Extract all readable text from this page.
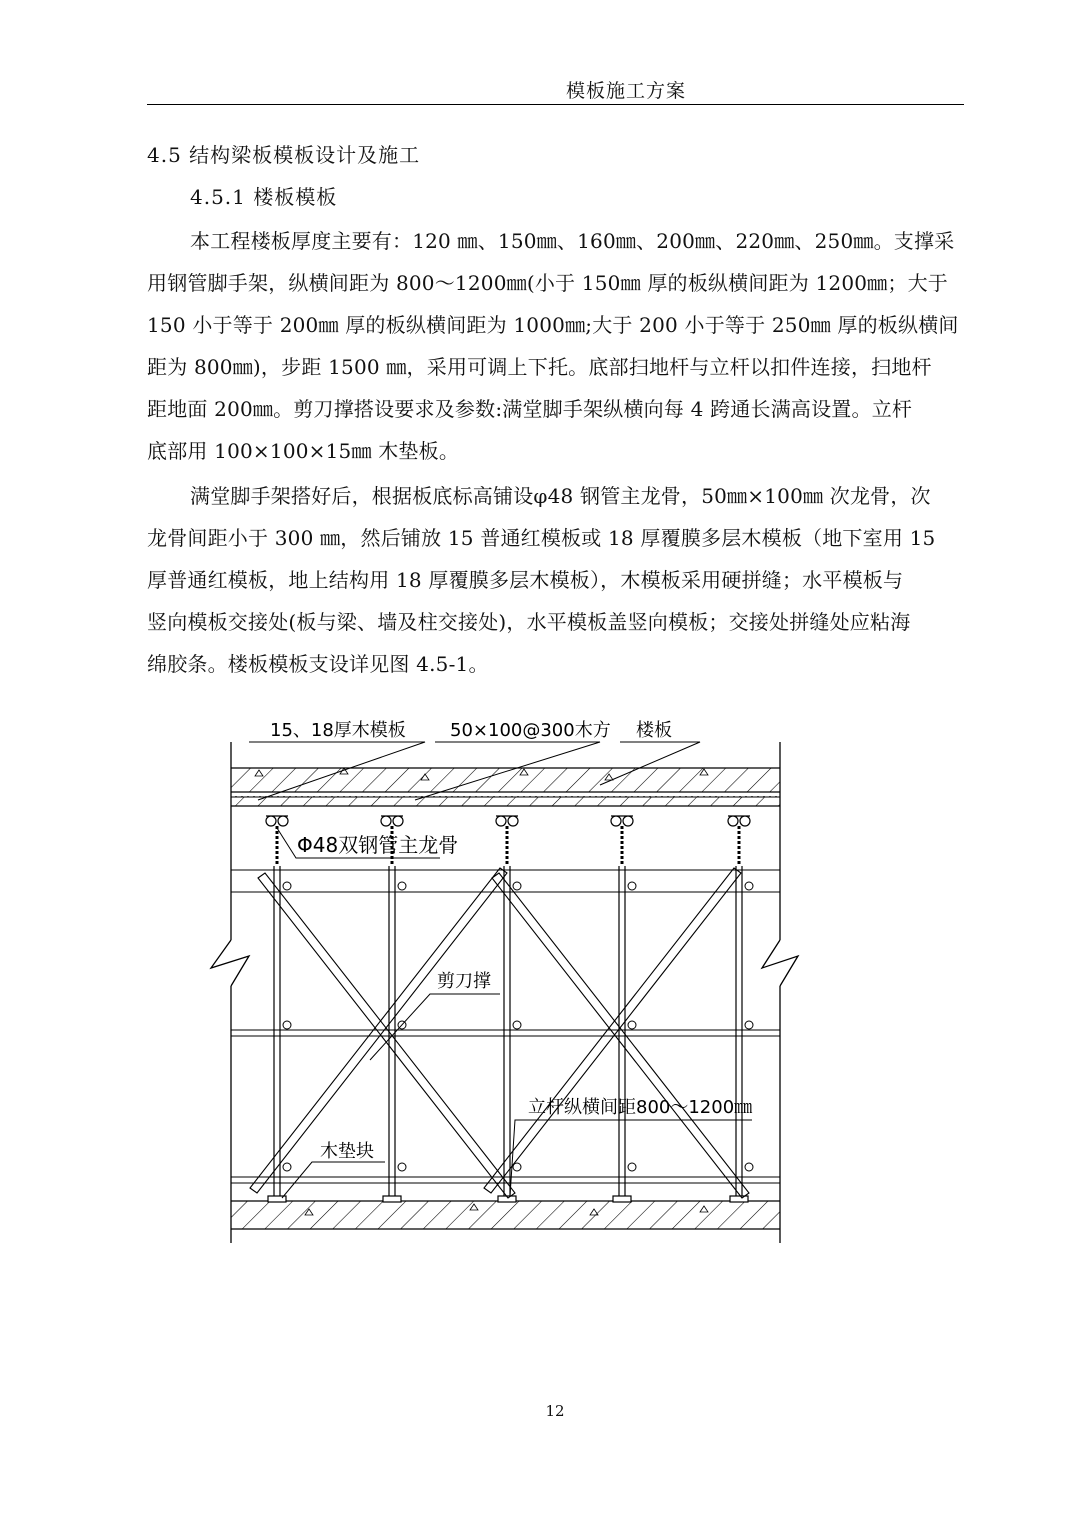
模板施工方案
4.5 结构梁板模板设计及施工
4.5.1 楼板模板
本工程楼板厚度主要有：120 ㎜、150㎜、160㎜、200㎜、220㎜、250㎜。支撑采
用钢管脚手架，纵横间距为 800～1200㎜(小于 150㎜ 厚的板纵横间距为 1200㎜；大于
150 小于等于 200㎜ 厚的板纵横间距为 1000㎜;大于 200 小于等于 250㎜ 厚的板纵横间
距为 800㎜)，步距 1500 ㎜，采用可调上下托。底部扫地杆与立杆以扣件连接，扫地杆
距地面 200㎜。剪刀撑搭设要求及参数:满堂脚手架纵横向每 4 跨通长满高设置。立杆
底部用 100×100×15㎜ 木垫板。
满堂脚手架搭好后，根据板底标高铺设φ48 钢管主龙骨，50㎜×100㎜ 次龙骨，次
龙骨间距小于 300 ㎜，然后铺放 15 普通红模板或 18 厚覆膜多层木模板（地下室用 15
厚普通红模板，地上结构用 18 厚覆膜多层木模板），木模板采用硬拼缝；水平模板与
竖向模板交接处(板与梁、墙及柱交接处)，水平模板盖竖向模板；交接处拼缝处应粘海
绵胶条。楼板模板支设详见图 4.5-1。
15、18厚木模板 50×100@300木方 楼板
Φ48双钢管主龙骨
剪刀撑
立杆纵横间距800～1200㎜
木垫块
12
